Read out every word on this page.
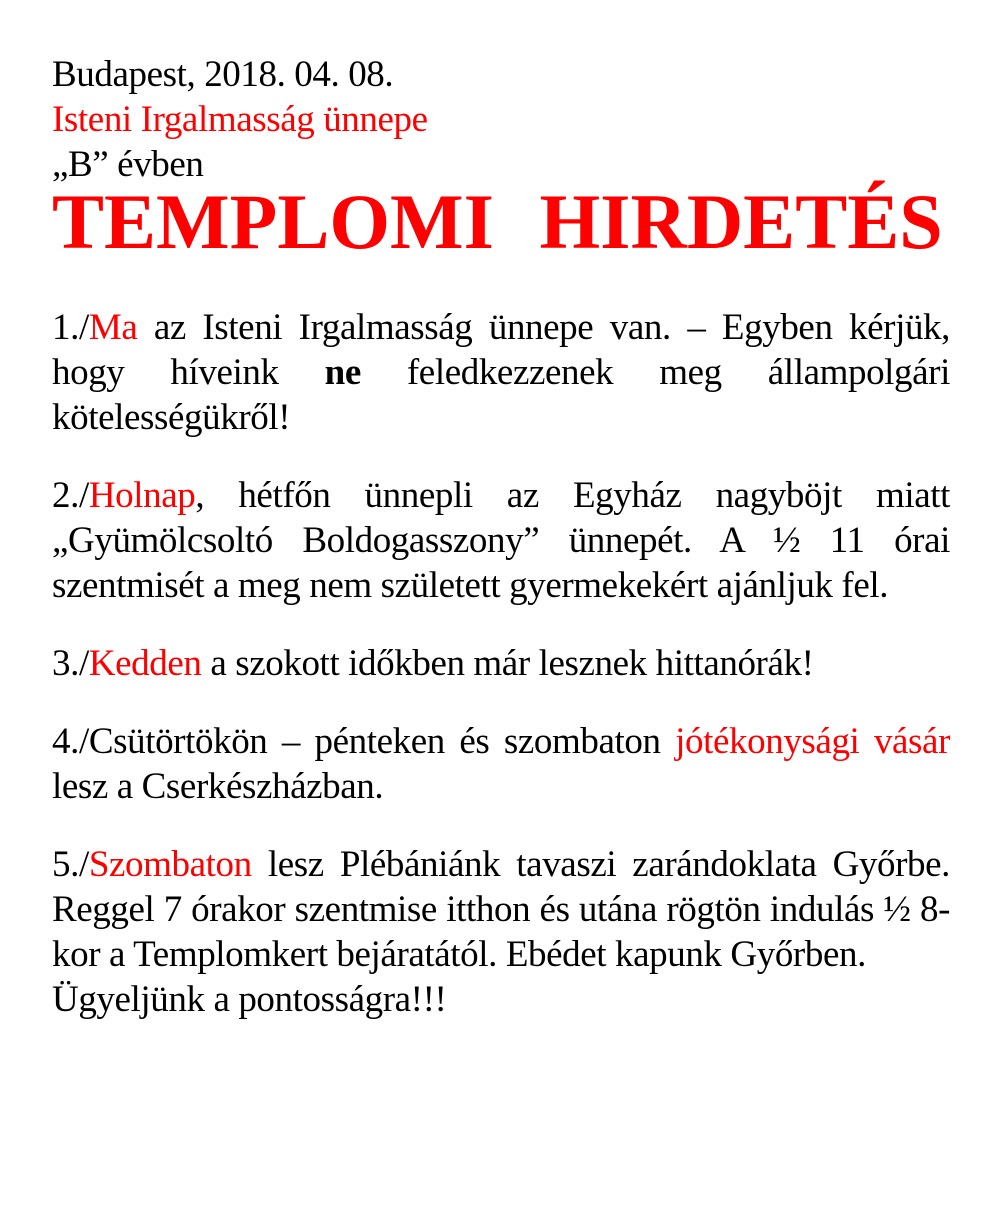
Budapest, 2018. 04. 08.
Isteni Irgalmasság ünnepe
„B” évben
TEMPLOMI HIRDETÉS

1./Ma az Isteni Irgalmasság ünnepe van. – Egyben kérjük, hogy híveink ne feledkezzenek meg állampolgári kötelességükről!

2./Holnap, hétfőn ünnepli az Egyház nagyböjt miatt „Gyümölcsoltó Boldogasszony” ünnepét. A ½ 11 órai szentmisét a meg nem született gyermekekért ajánljuk fel.

3./Kedden a szokott időkben már lesznek hittanórák!

4./Csütörtökön – pénteken és szombaton jótékonysági vásár lesz a Cserkészházban.

5./Szombaton lesz Plébániánk tavaszi zarándoklata Győrbe. Reggel 7 órakor szentmise itthon és utána rögtön indulás ½ 8-kor a Templomkert bejáratától. Ebédet kapunk Győrben.

Ügyeljünk a pontosságra!!!
